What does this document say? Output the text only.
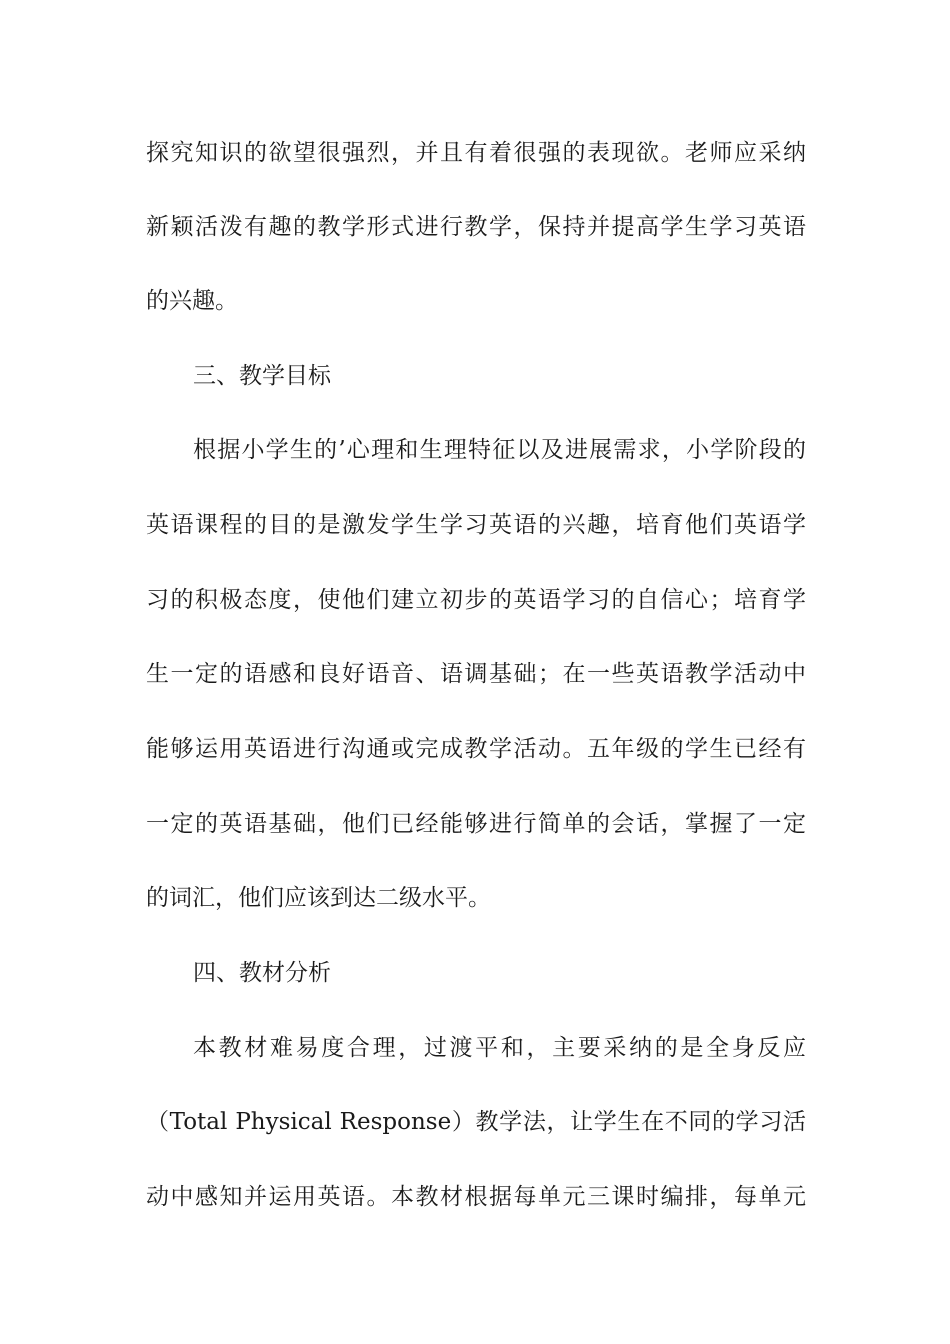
探究知识的欲望很强烈，并且有着很强的表现欲。老师应采纳
新颖活泼有趣的教学形式进行教学，保持并提高学生学习英语
的兴趣。
三、教学目标
根据小学生的’心理和生理特征以及进展需求，小学阶段的
英语课程的目的是激发学生学习英语的兴趣，培育他们英语学
习的积极态度，使他们建立初步的英语学习的自信心；培育学
生一定的语感和良好语音、语调基础；在一些英语教学活动中
能够运用英语进行沟通或完成教学活动。五年级的学生已经有
一定的英语基础，他们已经能够进行简单的会话，掌握了一定
的词汇，他们应该到达二级水平。
四、教材分析
本教材难易度合理，过渡平和，主要采纳的是全身反应
（Total Physical Response）教学法，让学生在不同的学习活
动中感知并运用英语。本教材根据每单元三课时编排，每单元
